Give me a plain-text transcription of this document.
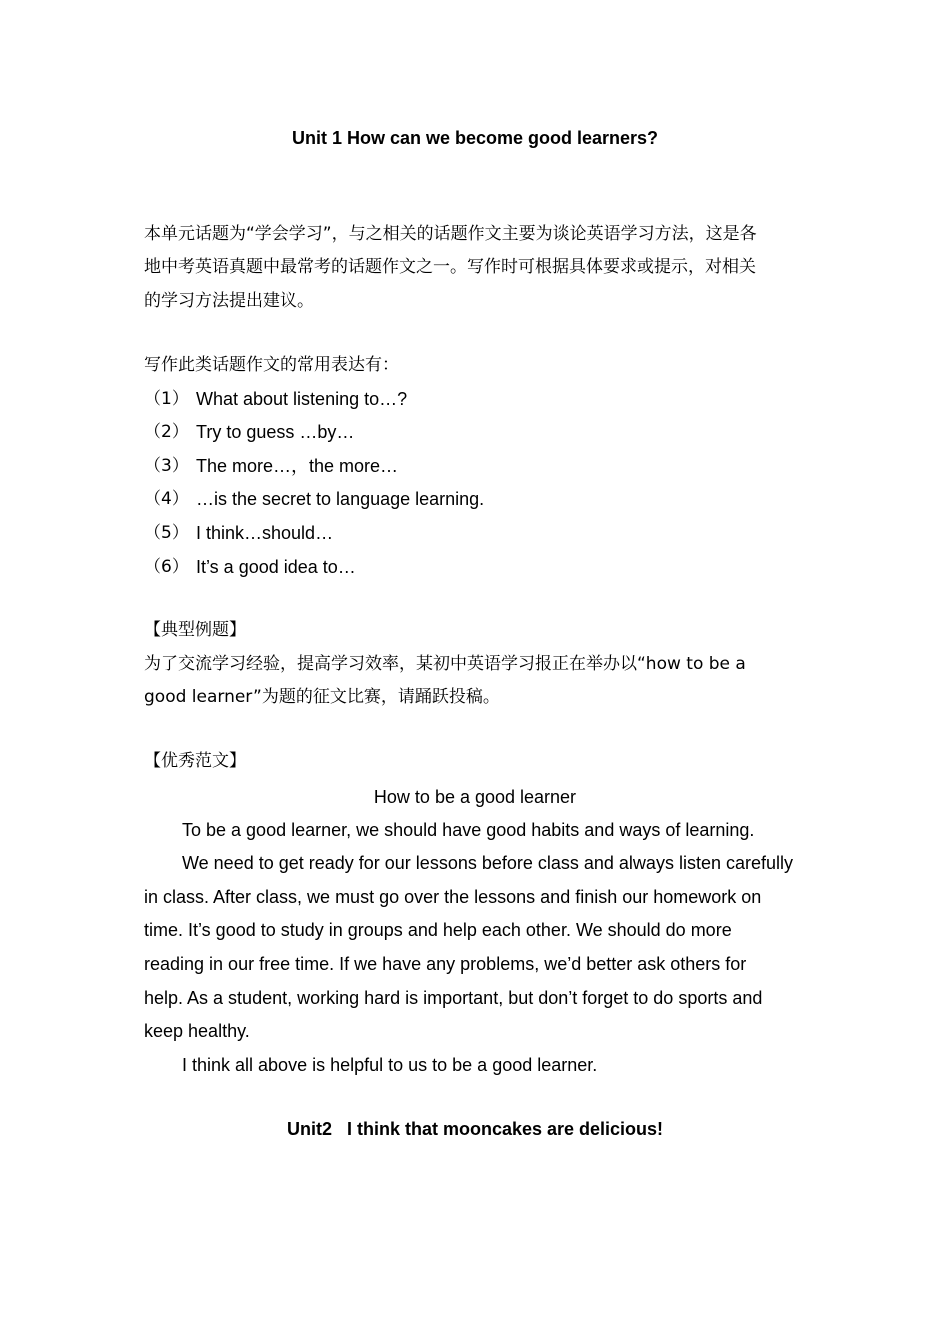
Unit 1 How can we become good learners?
本单元话题为“学会学习”，与之相关的话题作文主要为谈论英语学习方法，这是各
地中考英语真题中最常考的话题作文之一。写作时可根据具体要求或提示，对相关
的学习方法提出建议。
写作此类话题作文的常用表达有：
（1） What about listening to…?
（2） Try to guess …by…
（3） The more…，the more…
（4） …is the secret to language learning.
（5） I think…should…
（6） It’s a good idea to…
【典型例题】
为了交流学习经验，提高学习效率，某初中英语学习报正在举办以“how to be a
good learner”为题的征文比赛，请踊跃投稿。
【优秀范文】
How to be a good learner
To be a good learner, we should have good habits and ways of learning.
We need to get ready for our lessons before class and always listen carefully
in class. After class, we must go over the lessons and finish our homework on
time. It’s good to study in groups and help each other. We should do more
reading in our free time. If we have any problems, we’d better ask others for
help. As a student, working hard is important, but don’t forget to do sports and
keep healthy.
I think all above is helpful to us to be a good learner.
Unit2   I think that mooncakes are delicious!
